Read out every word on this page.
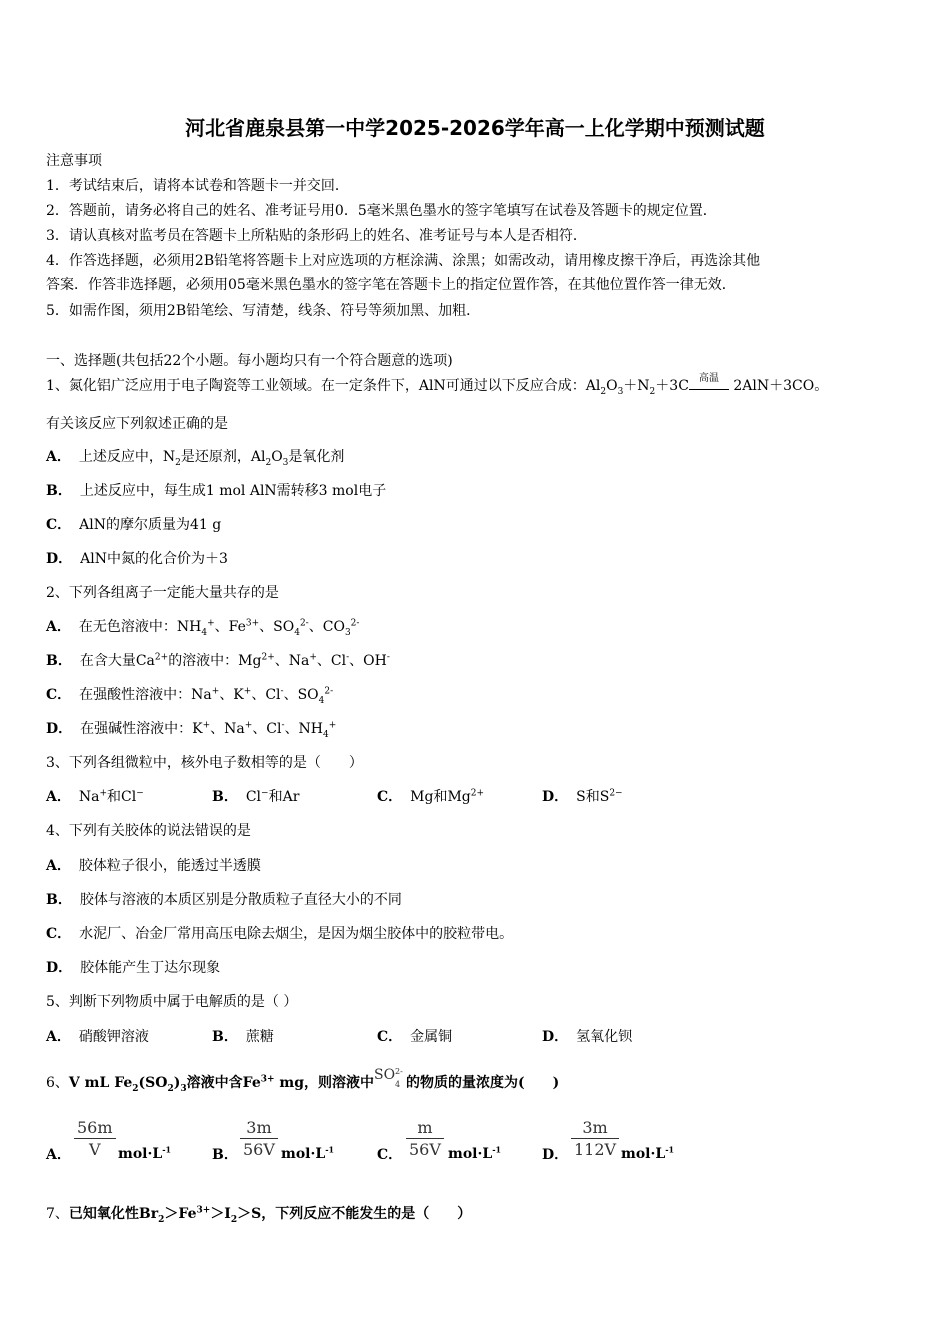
河北省鹿泉县第一中学2025-2026学年高一上化学期中预测试题
注意事项
1．考试结束后，请将本试卷和答题卡一并交回．
2．答题前，请务必将自己的姓名、准考证号用0．5毫米黑色墨水的签字笔填写在试卷及答题卡的规定位置．
3．请认真核对监考员在答题卡上所粘贴的条形码上的姓名、准考证号与本人是否相符．
4．作答选择题，必须用2B铅笔将答题卡上对应选项的方框涂满、涂黑；如需改动，请用橡皮擦干净后，再选涂其他
答案．作答非选择题，必须用05毫米黑色墨水的签字笔在答题卡上的指定位置作答，在其他位置作答一律无效．
5．如需作图，须用2B铅笔绘、写清楚，线条、符号等须加黑、加粗．
一、选择题(共包括22个小题。每小题均只有一个符合题意的选项)
1、氮化铝广泛应用于电子陶瓷等工业领域。在一定条件下，AlN可通过以下反应合成：$Al_2O_3+N_2+3C$	高温 2AlN＋3CO。
有关该反应下列叙述正确的是
A． 上述反应中，$N_2$是还原剂，$Al_2O_3$是氧化剂
B． 上述反应中，每生成1 mol AlN需转移3 mol电子
C． AlN的摩尔质量为41 g
D． AlN中氮的化合价为＋3
2、下列各组离子一定能大量共存的是
A． 在无色溶液中：$NH_4^+$、$Fe^{3+}$、$SO_4^{2-}$、$CO_3^{2-}$
B． 在含大量$Ca^{2+}$的溶液中：$Mg^{2+}$、Na+、Cl-、OH-
C． 在强酸性溶液中：Na+、K+、Cl-、$SO_4^{2-}$
D． 在强碱性溶液中：K+、Na+、Cl-、$NH_4^+$
3、下列各组微粒中，核外电子数相等的是（　　）
A． Na+和Cl−	B． Cl−和Ar	C． Mg和$Mg^{2+}$	D． S和$S^{2-}$
4、下列有关胶体的说法错误的是
A． 胶体粒子很小，能透过半透膜
B． 胶体与溶液的本质区别是分散质粒子直径大小的不同
C． 水泥厂、冶金厂常用高压电除去烟尘，是因为烟尘胶体中的胶粒带电。
D． 胶体能产生丁达尔现象
5、判断下列物质中属于电解质的是（ ）
A． 硝酸钾溶液	B． 蔗糖	C． 金属铜	D． 氢氧化钡
6、V mL $Fe_2(SO_2)_3$溶液中含$Fe^{3+}$ mg，则溶液中 SO 2-
4 的物质的量浓度为(　　)
A．
56m
V	$mol\cdot L^{-1}$	B．
3m
56V $mol\cdot L^{-1}$	C．
m
56V $mol\cdot L^{-1}$	D．
3m
112V $mol\cdot L^{-1}$
7、已知氧化性$Br_2>Fe^{3+}>I_2>S$，下列反应不能发生的是（　　）
